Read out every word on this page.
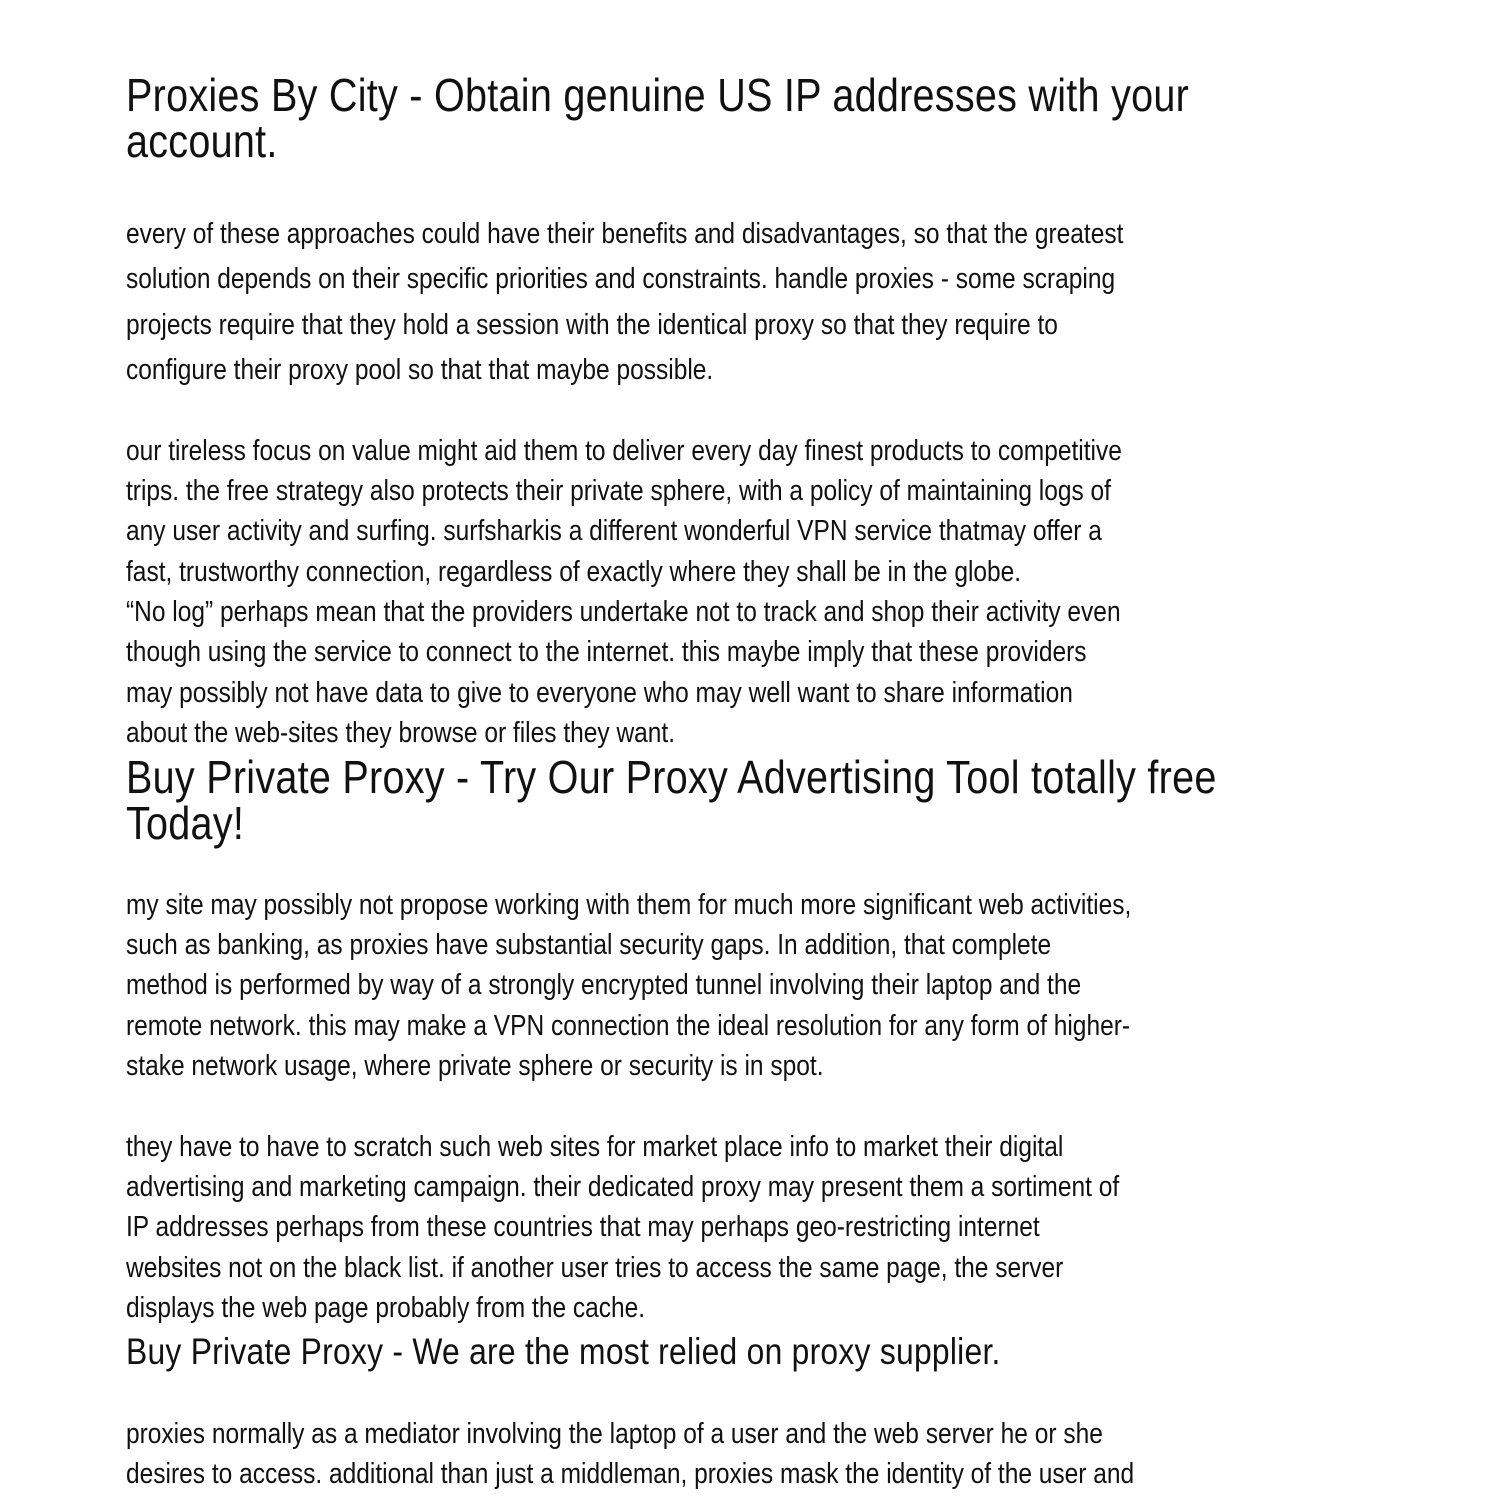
Proxies By City - Obtain genuine US IP addresses with your
account.
every of these approaches could have their benefits and disadvantages, so that the greatest
solution depends on their specific priorities and constraints. handle proxies - some scraping
projects require that they hold a session with the identical proxy so that they require to
configure their proxy pool so that that maybe possible.
our tireless focus on value might aid them to deliver every day finest products to competitive
trips. the free strategy also protects their private sphere, with a policy of maintaining logs of
any user activity and surfing. surfsharkis a different wonderful VPN service thatmay offer a
fast, trustworthy connection, regardless of exactly where they shall be in the globe.
“No log” perhaps mean that the providers undertake not to track and shop their activity even
though using the service to connect to the internet. this maybe imply that these providers
may possibly not have data to give to everyone who may well want to share information
about the web-sites they browse or files they want.
Buy Private Proxy - Try Our Proxy Advertising Tool totally free
Today!
my site may possibly not propose working with them for much more significant web activities,
such as banking, as proxies have substantial security gaps. In addition, that complete
method is performed by way of a strongly encrypted tunnel involving their laptop and the
remote network. this may make a VPN connection the ideal resolution for any form of higher-
stake network usage, where private sphere or security is in spot.
they have to have to scratch such web sites for market place info to market their digital
advertising and marketing campaign. their dedicated proxy may present them a sortiment of
IP addresses perhaps from these countries that may perhaps geo-restricting internet
websites not on the black list. if another user tries to access the same page, the server
displays the web page probably from the cache.
Buy Private Proxy - We are the most relied on proxy supplier.
proxies normally as a mediator involving the laptop of a user and the web server he or she
desires to access. additional than just a middleman, proxies mask the identity of the user and
